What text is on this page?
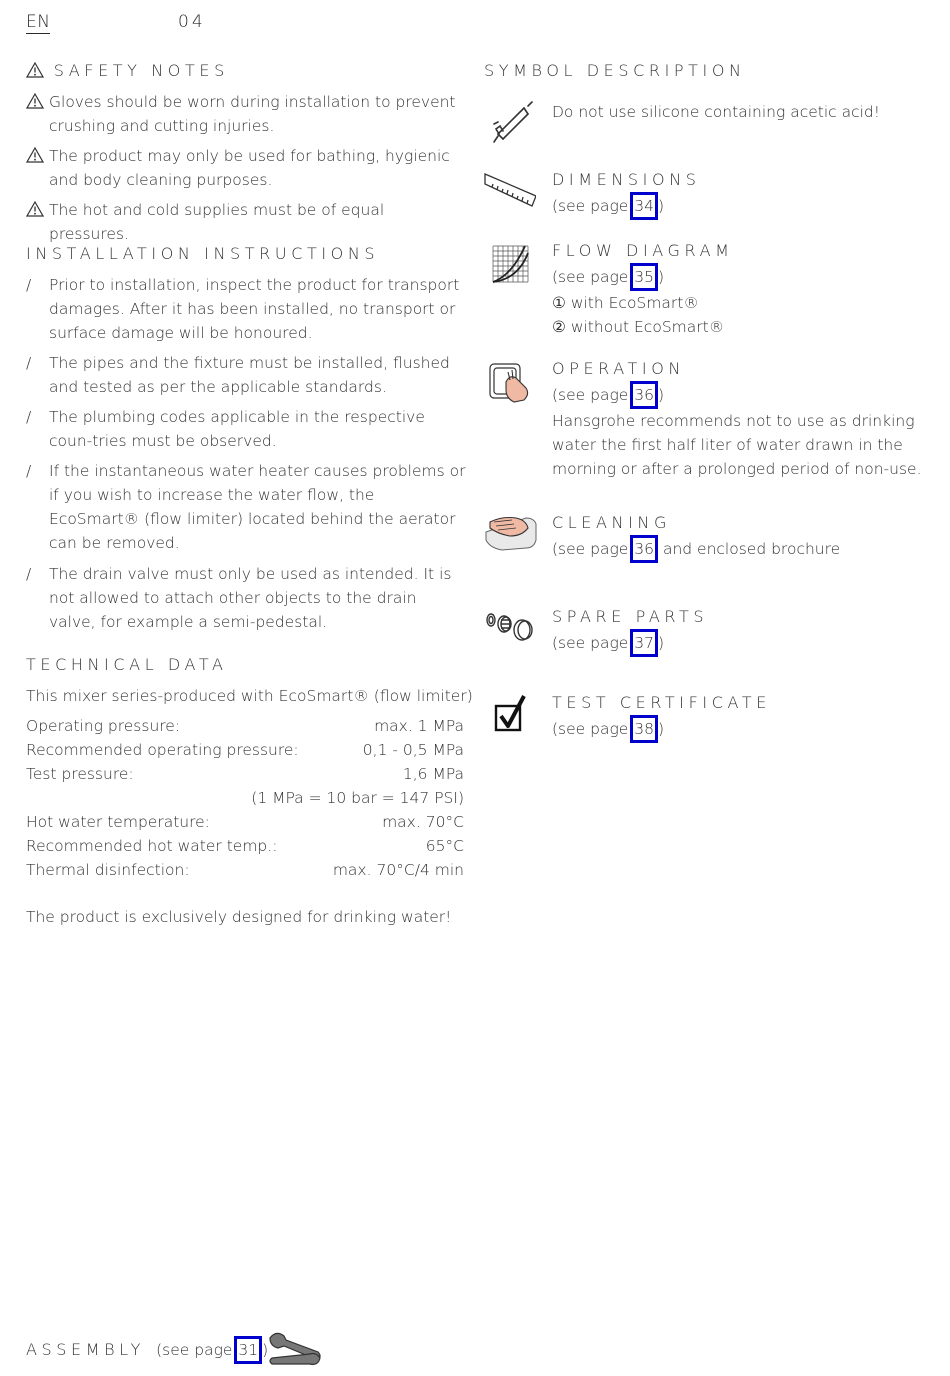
EN	04
SAFETY NOTES
Gloves should be worn during installation to prevent crushing and cutting injuries.
The product may only be used for bathing, hygienic and body cleaning purposes.
The hot and cold supplies must be of equal pressures.
INSTALLATION INSTRUCTIONS
/	Prior to installation, inspect the product for transport damages. After it has been installed, no transport or surface damage will be honoured.
/	The pipes and the fixture must be installed, flushed and tested as per the applicable standards.
/	The plumbing codes applicable in the respective coun-tries must be observed.
/	If the instantaneous water heater causes problems or if you wish to increase the water flow, the EcoSmart® (flow limiter) located behind the aerator can be removed.
/	The drain valve must only be used as intended. It is not allowed to attach other objects to the drain valve, for example a semi-pedestal.
TECHNICAL DATA
This mixer series-produced with EcoSmart® (flow limiter)
Operating pressure:	max. 1 MPa
Recommended operating pressure:	0,1 - 0,5 MPa
Test pressure:	1,6 MPa
(1 MPa = 10 bar = 147 PSI)
Hot water temperature:	max. 70°C
Recommended hot water temp.:	65°C
Thermal disinfection:	max. 70°C/4 min
The product is exclusively designed for drinking water!
SYMBOL DESCRIPTION
Do not use silicone containing acetic acid!
DIMENSIONS
(see page 34 )
FLOW DIAGRAM
(see page 35 )
① with EcoSmart®
② without EcoSmart®
OPERATION
(see page 36 )
Hansgrohe recommends not to use as drinking water the first half liter of water drawn in the morning or after a prolonged period of non-use.
CLEANING
(see page 36 and enclosed brochure
SPARE PARTS
(see page 37 )
TEST CERTIFICATE
(see page 38 )
ASSEMBLY (see page 31 )
